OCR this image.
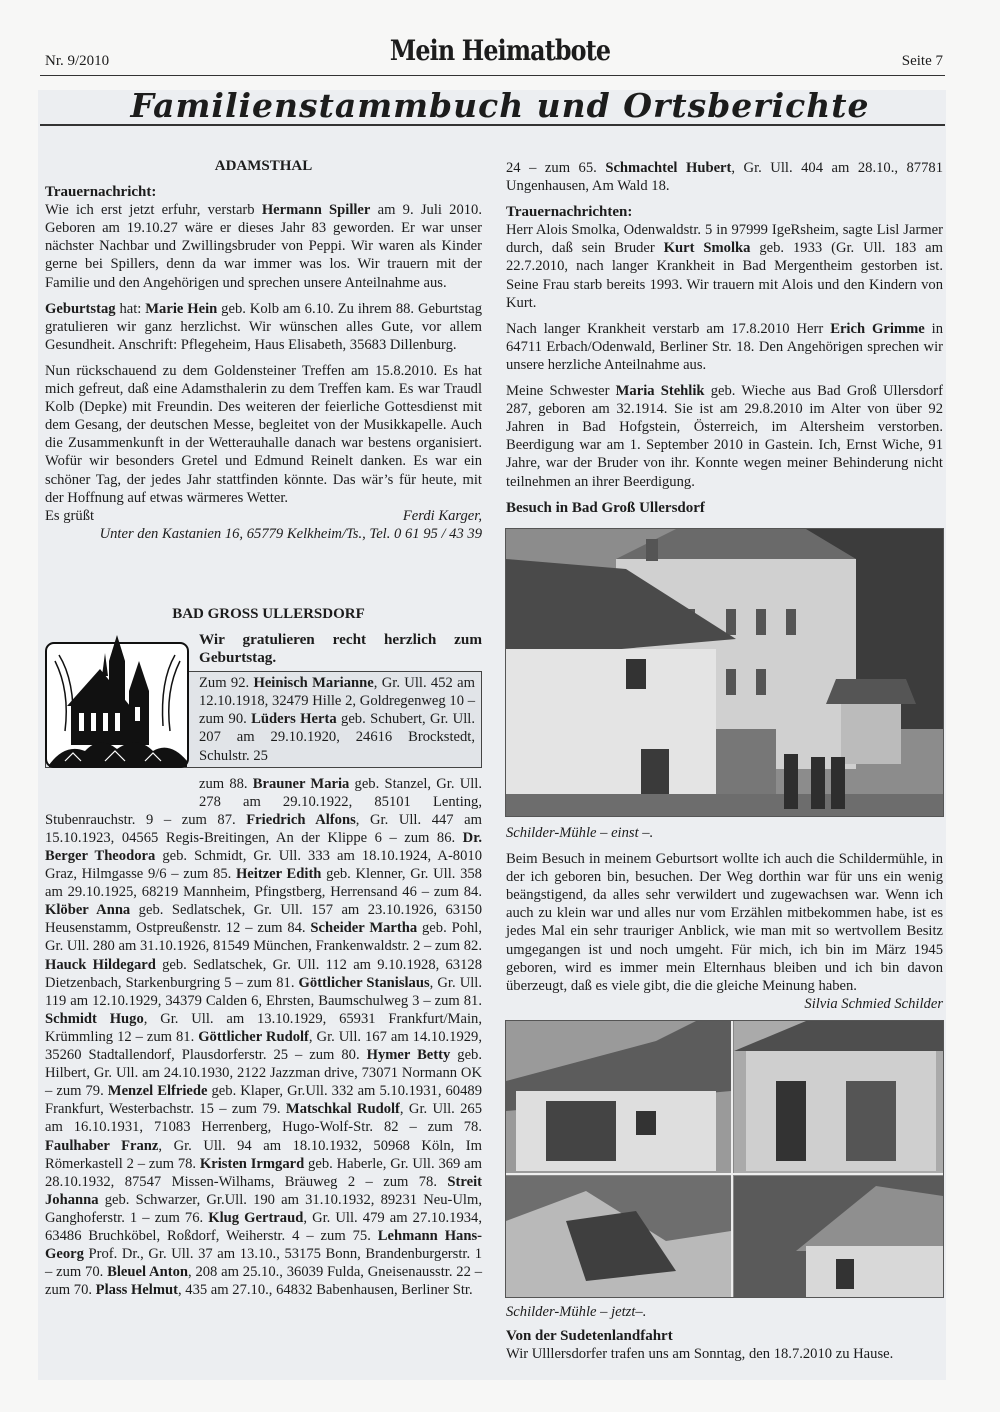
Nr. 9/2010	Mein Heimatbote	Seite 7
Familienstammbuch und Ortsberichte
ADAMSTHAL
Trauernachricht:

Wie ich erst jetzt erfuhr, verstarb Hermann Spiller am 9. Juli 2010. Geboren am 19.10.27 wäre er dieses Jahr 83 geworden. Er war unser nächster Nachbar und Zwillingsbruder von Peppi. Wir waren als Kinder gerne bei Spillers, denn da war immer was los. Wir trauern mit der Familie und den Angehörigen und sprechen unsere Anteilnahme aus.

Geburtstag hat: Marie Hein geb. Kolb am 6.10. Zu ihrem 88. Geburtstag gratulieren wir ganz herzlichst. Wir wünschen alles Gute, vor allem Gesundheit. Anschrift: Pflegeheim, Haus Elisabeth, 35683 Dillenburg.

Nun rückschauend zu dem Goldensteiner Treffen am 15.8.2010. Es hat mich gefreut, daß eine Adamsthalerin zu dem Treffen kam. Es war Traudl Kolb (Depke) mit Freundin. Des weiteren der feierliche Gottesdienst mit dem Gesang, der deutschen Messe, begleitet von der Musikkapelle. Auch die Zusammenkunft in der Wetterauhalle danach war bestens organisiert. Wofür wir besonders Gretel und Edmund Reinelt danken. Es war ein schöner Tag, der jedes Jahr stattfinden könnte. Das wär’s für heute, mit der Hoffnung auf etwas wärmeres Wetter.

Es grüßt	Ferdi Karger,
Unter den Kastanien 16, 65779 Kelkheim/Ts., Tel. 0 61 95 / 43 39
BAD GROSS ULLERSDORF
Wir gratulieren recht herzlich zum Geburtstag.
Zum 92. Heinisch Marianne, Gr. Ull. 452 am 12.10.1918, 32479 Hille 2, Goldregenweg 10 – zum 90. Lüders Herta geb. Schubert, Gr. Ull. 207 am 29.10.1920, 24616 Brockstedt, Schulstr. 25

zum 88. Brauner Maria geb. Stanzel, Gr. Ull. 278 am 29.10.1922, 85101 Lenting, Stubenrauchstr. 9 – zum 87. Friedrich Alfons, Gr. Ull. 447 am 15.10.1923, 04565 Regis-Breitingen, An der Klippe 6 – zum 86. Dr. Berger Theodora geb. Schmidt, Gr. Ull. 333 am 18.10.1924, A-8010 Graz, Hilmgasse 9/6 – zum 85. Heitzer Edith geb. Klenner, Gr. Ull. 358 am 29.10.1925, 68219 Mannheim, Pfingstberg, Herrensand 46 – zum 84. Klöber Anna geb. Sedlatschek, Gr. Ull. 157 am 23.10.1926, 63150 Heusenstamm, Ostpreußenstr. 12 – zum 84. Scheider Martha geb. Pohl, Gr. Ull. 280 am 31.10.1926, 81549 München, Frankenwaldstr. 2 – zum 82. Hauck Hildegard geb. Sedlatschek, Gr. Ull. 112 am 9.10.1928, 63128 Dietzenbach, Starkenburgring 5 – zum 81. Göttlicher Stanislaus, Gr. Ull. 119 am 12.10.1929, 34379 Calden 6, Ehrsten, Baumschulweg 3 – zum 81. Schmidt Hugo, Gr. Ull. am 13.10.1929, 65931 Frankfurt/Main, Krümmling 12 – zum 81. Göttlicher Rudolf, Gr. Ull. 167 am 14.10.1929, 35260 Stadtallendorf, Plausdorferstr. 25 – zum 80. Hymer Betty geb. Hilbert, Gr. Ull. am 24.10.1930, 2122 Jazzman drive, 73071 Normann OK – zum 79. Menzel Elfriede geb. Klaper, Gr.Ull. 332 am 5.10.1931, 60489 Frankfurt, Westerbachstr. 15 – zum 79. Matschkal Rudolf, Gr. Ull. 265 am 16.10.1931, 71083 Herrenberg, Hugo-Wolf-Str. 82 – zum 78. Faulhaber Franz, Gr. Ull. 94 am 18.10.1932, 50968 Köln, Im Römerkastell 2 – zum 78. Kristen Irmgard geb. Haberle, Gr. Ull. 369 am 28.10.1932, 87547 Missen-Wilhams, Bräuweg 2 – zum 78. Streit Johanna geb. Schwarzer, Gr.Ull. 190 am 31.10.1932, 89231 Neu-Ulm, Ganghoferstr. 1 – zum 76. Klug Gertraud, Gr. Ull. 479 am 27.10.1934, 63486 Bruchköbel, Roßdorf, Weiherstr. 4 – zum 75. Lehmann Hans-Georg Prof. Dr., Gr. Ull. 37 am 13.10., 53175 Bonn, Brandenburgerstr. 1 – zum 70. Bleuel Anton, 208 am 25.10., 36039 Fulda, Gneisenausstr. 22 – zum 70. Plass Helmut, 435 am 27.10., 64832 Babenhausen, Berliner Str.

24 – zum 65. Schmachtel Hubert, Gr. Ull. 404 am 28.10., 87781 Ungenhausen, Am Wald 18.

Trauernachrichten:

Herr Alois Smolka, Odenwaldstr. 5 in 97999 IgeRsheim, sagte Lisl Jarmer durch, daß sein Bruder Kurt Smolka geb. 1933 (Gr. Ull. 183 am 22.7.2010, nach langer Krankheit in Bad Mergentheim gestorben ist. Seine Frau starb bereits 1993. Wir trauern mit Alois und den Kindern von Kurt.

Nach langer Krankheit verstarb am 17.8.2010 Herr Erich Grimme in 64711 Erbach/Odenwald, Berliner Str. 18. Den Angehörigen sprechen wir unsere herzliche Anteilnahme aus.

Meine Schwester Maria Stehlik geb. Wieche aus Bad Groß Ullersdorf 287, geboren am 32.1914. Sie ist am 29.8.2010 im Alter von über 92 Jahren in Bad Hofgstein, Österreich, im Altersheim verstorben. Beerdigung war am 1. September 2010 in Gastein. Ich, Ernst Wiche, 91 Jahre, war der Bruder von ihr. Konnte wegen meiner Behinderung nicht teilnehmen an ihrer Beerdigung.

Besuch in Bad Groß Ullersdorf

Schilder-Mühle – einst –.

Beim Besuch in meinem Geburtsort wollte ich auch die Schildermühle, in der ich geboren bin, besuchen. Der Weg dorthin war für uns ein wenig beängstigend, da alles sehr verwildert und zugewachsen war. Wenn ich auch zu klein war und alles nur vom Erzählen mitbekommen habe, ist es jedes Mal ein sehr trauriger Anblick, wie man mit so wertvollem Besitz umgegangen ist und noch umgeht. Für mich, ich bin im März 1945 geboren, wird es immer mein Elternhaus bleiben und ich bin davon überzeugt, daß es viele gibt, die die gleiche Meinung haben.
Silvia Schmied Schilder

Schilder-Mühle – jetzt–.

Von der Sudetenlandfahrt

Wir Ulllersdorfer trafen uns am Sonntag, den 18.7.2010 zu Hause.
